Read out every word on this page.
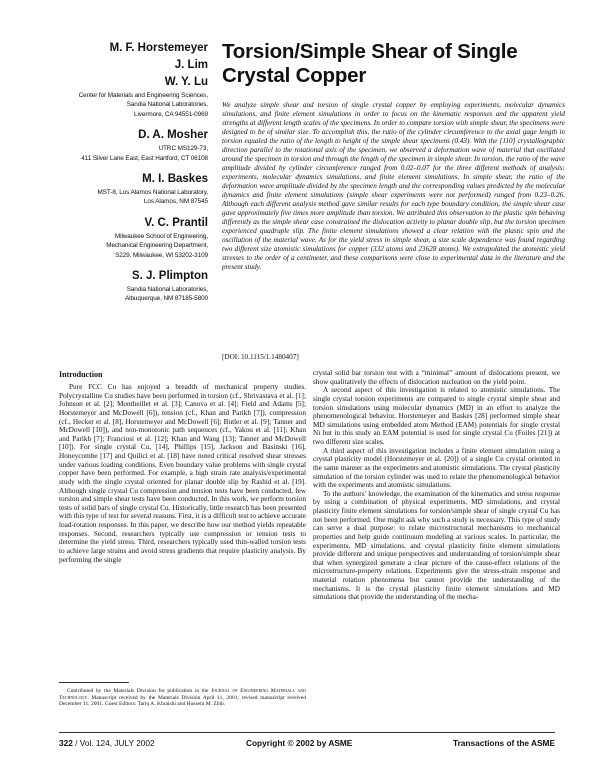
M. F. Horstemeyer
J. Lim
W. Y. Lu
Center for Materials and Engineering Sciences,
Sandia National Laboratories,
Livermore, CA 94551-0969
D. A. Mosher
UTRC MS129-73,
411 Silver Lane East, East Hartford, CT 06108
M. I. Baskes
MST-8, Los Alamos National Laboratory,
Los Alamos, NM 87545
V. C. Prantil
Milwaukee School of Engineering,
Mechanical Engineering Department,
S229, Milwaukee, WI 53202-3109
S. J. Plimpton
Sandia National Laboratories,
Albuquerque, NM 87185-5800
Torsion/Simple Shear of Single
Crystal Copper
We analyze simple shear and torsion of single crystal copper by employing experiments, molecular dynamics simulations, and finite element simulations in order to focus on the kinematic responses and the apparent yield strengths at different length scales of the specimens. In order to compare torsion with simple shear, the specimens were designed to be of similar size. To accomplish this, the ratio of the cylinder circumference to the axial gage length in torsion equaled the ratio of the length to height of the simple shear specimens (0.43). With the [110] crystallographic direction parallel to the rotational axis of the specimen, we observed a deformation wave of material that oscillated around the specimen in torsion and through the length of the specimen in simple shear. In torsion, the ratio of the wave amplitude divided by cylinder circumference ranged from 0.02–0.07 for the three different methods of analysis: experiments, molecular dynamics simulations, and finite element simulations. In simple shear, the ratio of the deformation wave amplitude divided by the specimen length and the corresponding values predicted by the molecular dynamics and finite element simulations (simple shear experiments were not performed) ranged from 0.23–0.26. Although each different analysis method gave similar results for each type boundary condition, the simple shear case gave approximately five times more amplitude than torsion. We attributed this observation to the plastic spin behaving differently as the simple shear case constrained the dislocation activity to planar double slip, but the torsion specimen experienced quadruple slip. The finite element simulations showed a clear relation with the plastic spin and the oscillation of the material wave. As for the yield stress in simple shear, a size scale dependence was found regarding two different size atomistic simulations for copper (332 atoms and 23628 atoms). We extrapolated the atomistic yield stresses to the order of a centimeter, and these comparisons were close to experimental data in the literature and the present study.
[DOI: 10.1115/1.1480407]
Introduction

Pure FCC Cu has enjoyed a breadth of mechanical property studies. Polycrystalline Cu studies have been performed in torsion (cf., Shrivastava et al. [1]; Johnson et al. [2]; Montheillet et al. [3]; Canova et al. [4]; Field and Adams [5]; Horstemeyer and McDowell [6]), tension (cf., Khan and Parikh [7]), compression (cf., Hecker et al. [8], Horstemeyer and McDowell [6]; Butler et al. [9]; Tanner and McDowell [10]), and non-monotonic path sequences (cf., Yakou et al. [11]; Khan and Parikh [7]; Franciosi et al. [12]; Khan and Wang [13]; Tanner and McDowell [10]). For single crystal Cu, [14], Phillips [15], Jackson and Basinski [16], Honeycombe [17] and Quilici et al. [18] have noted critical resolved shear stresses under various loading conditions. Even boundary value problems with single crystal copper have been performed. For example, a high strain rate analysis/experimental study with the single crystal oriented for planar double slip by Rashid et al. [19]. Although single crystal Cu compression and tension tests have been conducted, few torsion and simple shear tests have been conducted. In this work, we perform torsion tests of solid bars of single crystal Cu. Historically, little research has been presented with this type of test for several reasons. First, it is a difficult test to achieve accurate load-rotation responses. In this paper, we describe how our method yields repeatable responses. Second, researchers typically use compression or tension tests to determine the yield stress. Third, researchers typically used thin-walled torsion tests to achieve large strains and avoid stress gradients that require plasticity analysis. By performing the single

crystal solid bar torsion test with a “minimal” amount of dislocations present, we show qualitatively the effects of dislocation nucleation on the yield point.

A second aspect of this investigation is related to atomistic simulations. The single crystal torsion experiments are compared to single crystal simple shear and torsion simulations using molecular dynamics (MD) in an effort to analyze the phenomenological behavior. Horstemeyer and Baskes [28] performed simple shear MD simulations using embedded atom Method (EAM) potentials for single crystal Ni but in this study an EAM potential is used for single crystal Cu (Foiles [21]) at two different size scales.

A third aspect of this investigation includes a finite element simulation using a crystal plasticity model (Horstemeyer et al. [20]) of a single Cu crystal oriented in the same manner as the experiments and atomistic simulations. The crystal plasticity simulation of the torsion cylinder was used to relate the phenomenological behavior with the experiments and atomistic simulations.

To the authors’ knowledge, the examination of the kinematics and stress response by using a combination of physical experiments, MD simulations, and crystal plasticity finite element simulations for torsion/simple shear of single crystal Cu has not been performed. One might ask why such a study is necessary. This type of study can serve a dual purpose: to relate microstructural mechanisms to mechanical properties and help guide continuum modeling at various scales. In particular, the experiments, MD simulations, and crystal plasticity finite element simulations provide different and unique perspectives and understanding of torsion/simple shear that when synergized generate a clear picture of the cause-effect relations of the microstructure-property relations. Experiments give the stress-strain response and material rotation phenomena but cannot provide the understanding of the mechanisms. It is the crystal plasticity finite element simulations and MD simulations that provide the understanding of the mecha-

Contributed by the Materials Division for publication in the Journal of Engineering Materials and Technology. Manuscript received by the Materials Division April 11, 2001; revised manuscript received December 11, 2001. Guest Editors: Tariq A. Khraishi and Hussein M. Zbib.
322 / Vol. 124, JULY 2002	Copyright © 2002 by ASME	Transactions of the ASME
